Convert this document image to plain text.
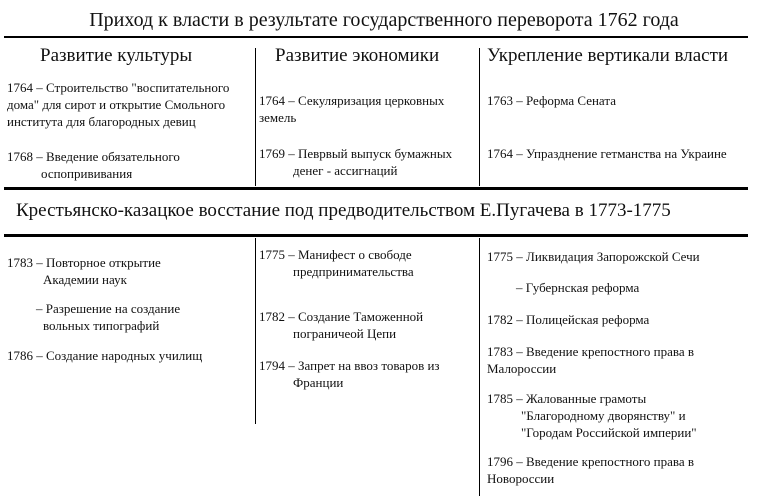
Приход к власти в результате государственного переворота 1762 года
Развитие культуры	Развитие экономики	Укрепление вертикали власти
1764 – Строительство "воспитательного
дома" для сирот и открытие Смольного
института для благородных девиц
1768 – Введение обязательного
оспопрививания
1764 – Секуляризация церковных
земель
1769 – Певрвый выпуск бумажных
денег - ассигнаций
1763 – Реформа Сената
1764 – Упразднение гетманства на Украине
Крестьянско-казацкое восстание под предводительством Е.Пугачева в 1773-1775
1783 – Повторное открытие
Академии наук
– Разрешение на создание
вольных типографий
1786 – Создание народных училищ
1775 – Манифест о свободе
предпринимательства
1782 – Создание Таможенной
пограничеой Цепи
1794 – Запрет на ввоз товаров из
Франции
1775 – Ликвидация Запорожской Сечи
– Губернская реформа
1782 – Полицейская реформа
1783 – Введение крепостного права в
Малороссии
1785 – Жалованные грамоты
"Благородному дворянству" и
"Городам Российской империи"
1796 – Введение крепостного права в
Новороссии
